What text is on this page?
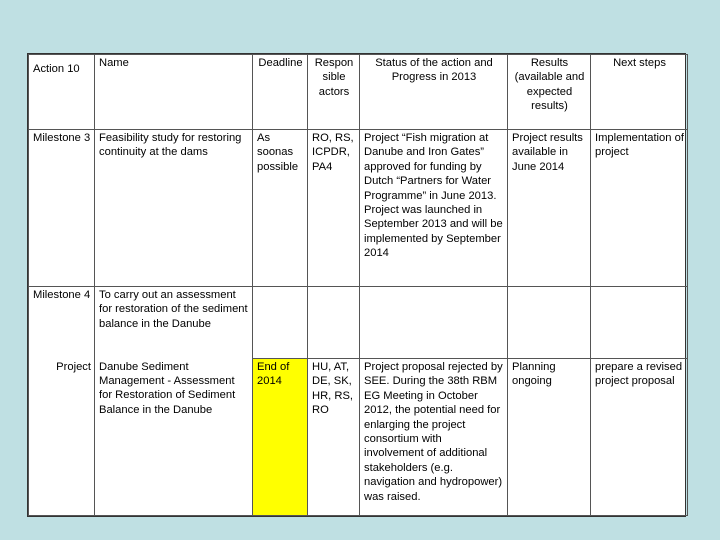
Action 10	Name	Deadline	Responsible actors	Status of the action and Progress in 2013	Results (available and expected results)	Next steps
Milestone 3	Feasibility study for restoring continuity at the dams	As soonas possible	RO, RS, ICPDR, PA4	Project “Fish migration at Danube and Iron Gates” approved for funding by Dutch “Partners for Water Programme” in June 2013. Project was launched in September 2013 and will be implemented by September 2014	Project results available in June 2014	Implementation of project
Milestone 4	To carry out an assessment for restoration of the sediment balance in the Danube					
Project	Danube Sediment Management - Assessment for Restoration of Sediment Balance in the Danube	End of 2014	HU, AT, DE, SK, HR, RS, RO	Project proposal rejected by SEE. During the 38th RBM EG Meeting in October 2012, the potential need for enlarging the project consortium with involvement of additional stakeholders (e.g. navigation and hydropower) was raised.	Planning ongoing	prepare a revised project proposal
